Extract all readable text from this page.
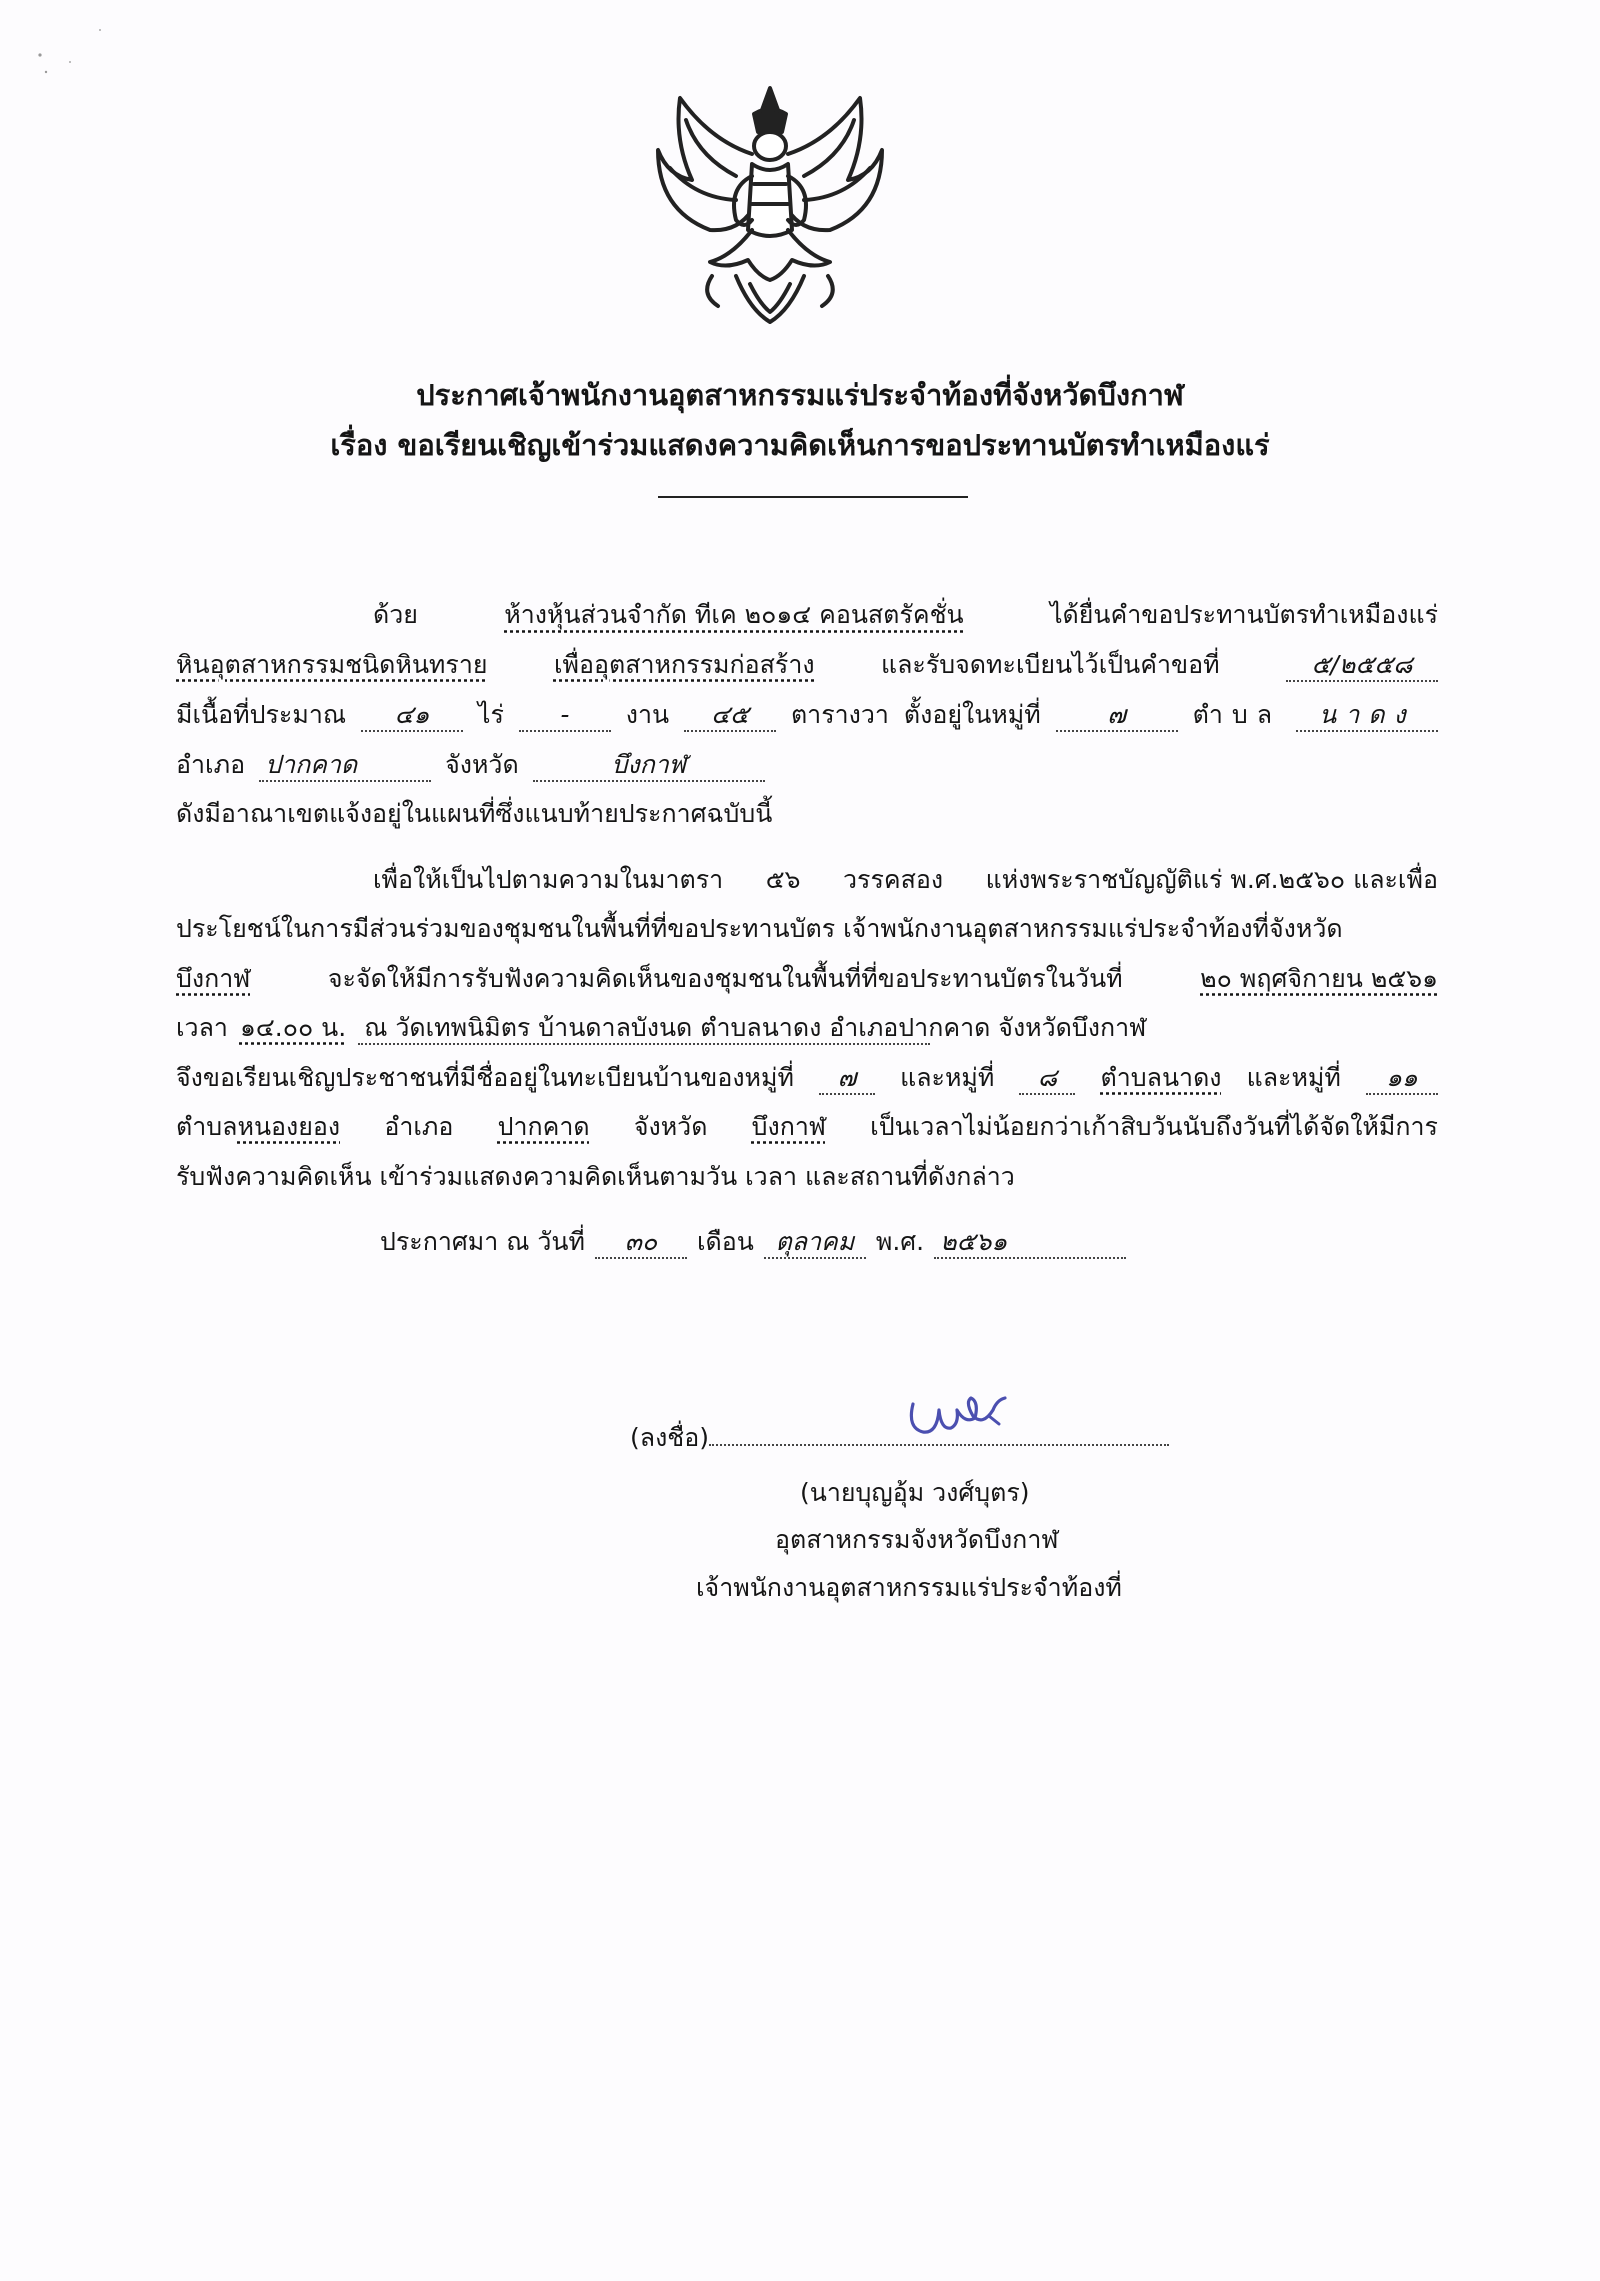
ประกาศเจ้าพนักงานอุตสาหกรรมแร่ประจำท้องที่จังหวัดบึงกาฬ
เรื่อง ขอเรียนเชิญเข้าร่วมแสดงความคิดเห็นการขอประทานบัตรทำเหมืองแร่
ด้วย	ห้างหุ้นส่วนจำกัด ทีเค ๒๐๑๔ คอนสตรัคชั่น	ได้ยื่นคำขอประทานบัตรทำเหมืองแร่
หินอุตสาหกรรมชนิดหินทราย	เพื่ออุตสาหกรรมก่อสร้าง	และรับจดทะเบียนไว้เป็นคำขอที่	๕/๒๕๕๘
มีเนื้อที่ประมาณ	๔๑	ไร่	-	งาน	๔๕	ตารางวา ตั้งอยู่ในหมู่ที่	๗	ตำบล	นาดง
อำเภอ ปากคาด	จังหวัด	บึงกาฬ
ดังมีอาณาเขตแจ้งอยู่ในแผนที่ซึ่งแนบท้ายประกาศฉบับนี้
เพื่อให้เป็นไปตามความในมาตรา ๕๖ วรรคสอง แห่งพระราชบัญญัติแร่ พ.ศ.๒๕๖๐ และเพื่อ
ประโยชน์ในการมีส่วนร่วมของชุมชนในพื้นที่ที่ขอประทานบัตร เจ้าพนักงานอุตสาหกรรมแร่ประจำท้องที่จังหวัด
บึงกาฬ	จะจัดให้มีการรับฟังความคิดเห็นของชุมชนในพื้นที่ที่ขอประทานบัตรในวันที่	๒๐ พฤศจิกายน ๒๕๖๑
เวลา ๑๔.๐๐ น. ณ วัดเทพนิมิตร บ้านดาลบังนด ตำบลนาดง อำเภอปากคาด จังหวัดบึงกาฬ
จึงขอเรียนเชิญประชาชนที่มีชื่ออยู่ในทะเบียนบ้านของหมู่ที่	๗	และหมู่ที่	๘	ตำบลนาดง และหมู่ที่	๑๑
ตำบล หนองยอง อำเภอ ปากคาด จังหวัด บึงกาฬ เป็นเวลาไม่น้อยกว่าเก้าสิบวันนับถึงวันที่ได้จัดให้มีการ
รับฟังความคิดเห็น เข้าร่วมแสดงความคิดเห็นตามวัน เวลา และสถานที่ดังกล่าว
ประกาศมา ณ วันที่	๓๐	เดือน ตุลาคม พ.ศ. ๒๕๖๑
(ลงชื่อ)
(นายบุญอุ้ม วงศ์บุตร)
อุตสาหกรรมจังหวัดบึงกาฬ
เจ้าพนักงานอุตสาหกรรมแร่ประจำท้องที่
